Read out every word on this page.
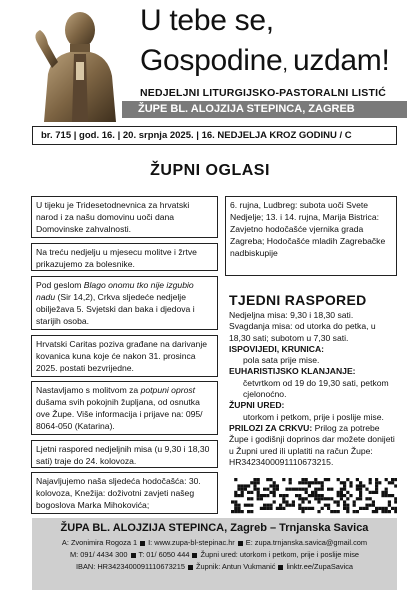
U tebe se,
Gospodine, uzdam!
NEDJELJNI LITURGIJSKO-PASTORALNI LISTIĆ
ŽUPE BL. ALOJZIJA STEPINCA, ZAGREB
br. 715 | god. 16. | 20. srpnja 2025. | 16. NEDJELJA KROZ GODINU / C
ŽUPNI OGLASI
U tijeku je Tridesetodnevnica za hrvatski narod i za našu domovinu uoči dana Domovinske zahvalnosti.
Na treću nedjelju u mjesecu molitve i žrtve prikazujemo za bolesnike.
Pod geslom Blago onomu tko nije izgubio nadu (Sir 14,2), Crkva sljedeće nedjelje obilježava 5. Svjetski dan baka i djedova i starijih osoba.
Hrvatski Caritas poziva građane na darivanje kovanica kuna koje će nakon 31. prosinca 2025. postati bezvrijedne.
Nastavljamo s molitvom za potpuni oprost dušama svih pokojnih župljana, od osnutka ove Župe. Više informacija i prijave na: 095/ 8064-050 (Katarina).
Ljetni raspored nedjeljnih misa (u 9,30 i 18,30 sati) traje do 24. kolovoza.
Najavljujemo naša sljedeća hodočašća: 30. kolovoza, Knežija: doživotni zavjeti našeg bogoslova Marka Mihokovića;
6. rujna, Ludbreg: subota uoči Svete Nedjelje; 13. i 14. rujna, Marija Bistrica: Zavjetno hodočašće vjernika grada Zagreba; Hodočašće mladih Zagrebačke nadbiskupije
TJEDNI RASPORED
Nedjeljna misa: 9,30 i 18,30 sati.
Svagdanja misa: od utorka do petka, u 18,30 sati; subotom u 7,30 sati.
ISPOVIJEDI, KRUNICA:
pola sata prije mise.
EUHARISTIJSKO KLANJANJE:
četvrtkom od 19 do 19,30 sati, petkom cjelonoćno.
ŽUPNI URED:
utorkom i petkom, prije i poslije mise.
PRILOZI ZA CRKVU: Prilog za potrebe Župe i godišnji doprinos dar možete donijeti u Župni ured ili uplatiti na račun Župe: HR3423400091110673215.
ŽUPA BL. ALOJZIJA STEPINCA, Zagreb – Trnjanska Savica
A: Zvonimira Rogoza 1 I: www.zupa-bl-stepinac.hr E: zupa.trnjanska.savica@gmail.com
M: 091/ 4434 300 T: 01/ 6050 444 Župni ured: utorkom i petkom, prije i poslije mise
IBAN: HR3423400091110673215 Župnik: Antun Vukmanić linktr.ee/ZupaSavica
